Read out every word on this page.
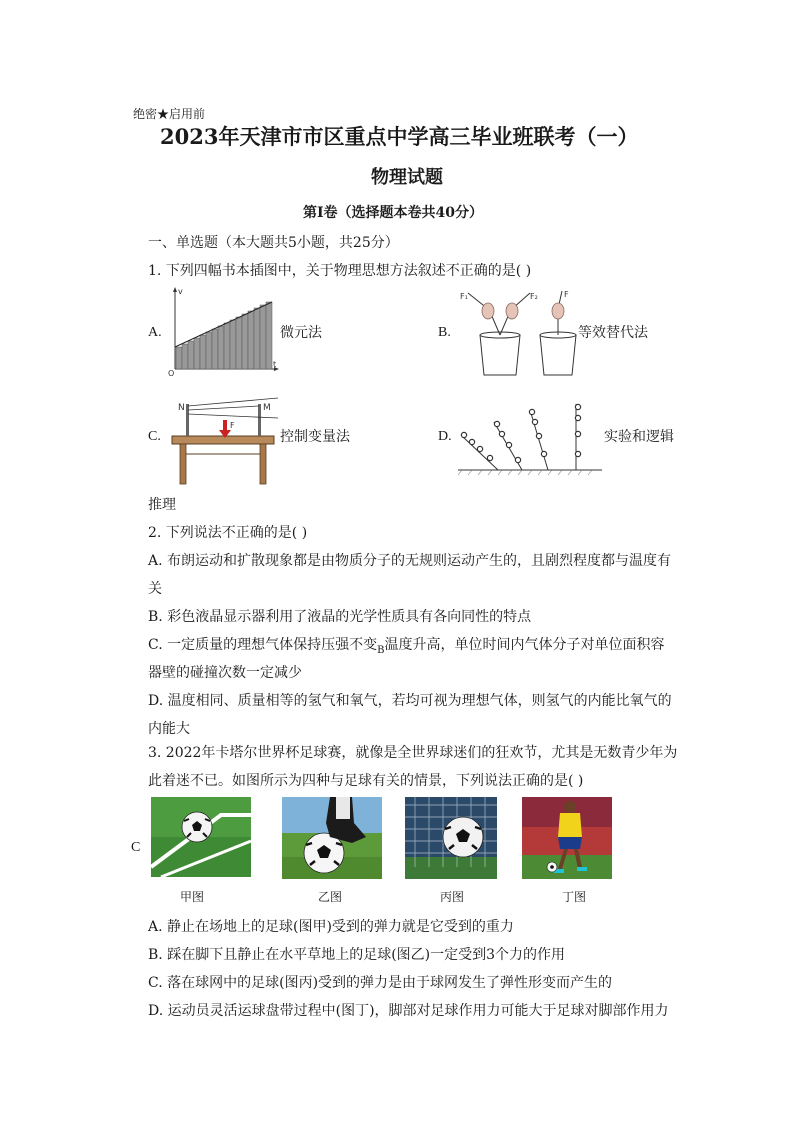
绝密★启用前
2023年天津市市区重点中学高三毕业班联考（一）
物理试题
第Ⅰ卷（选择题本卷共40分）
一、单选题（本大题共5小题，共25分）
1. 下列四幅书本插图中，关于物理思想方法叙述不正确的是( )
A.	微元法	B.	等效替代法
C.	控制变量法	D.	实验和逻辑
推理
v
O
t
F₁	F₂	F
N	M
F
2. 下列说法不正确的是( )
A. 布朗运动和扩散现象都是由物质分子的无规则运动产生的，且剧烈程度都与温度有
关
B. 彩色液晶显示器利用了液晶的光学性质具有各向同性的特点
C. 一定质量的理想气体保持压强不变$_B$温度升高，单位时间内气体分子对单位面积容
器壁的碰撞次数一定减少
D. 温度相同、质量相等的氢气和氧气，若均可视为理想气体，则氢气的内能比氧气的
内能大
3. 2022年卡塔尔世界杯足球赛，就像是全世界球迷们的狂欢节，尤其是无数青少年为
此着迷不已。如图所示为四种与足球有关的情景，下列说法正确的是( )
C
甲图	乙图	丙图	丁图
A. 静止在场地上的足球(图甲)受到的弹力就是它受到的重力
B. 踩在脚下且静止在水平草地上的足球(图乙)一定受到3个力的作用
C. 落在球网中的足球(图丙)受到的弹力是由于球网发生了弹性形变而产生的
D. 运动员灵活运球盘带过程中(图丁)，脚部对足球作用力可能大于足球对脚部作用力
